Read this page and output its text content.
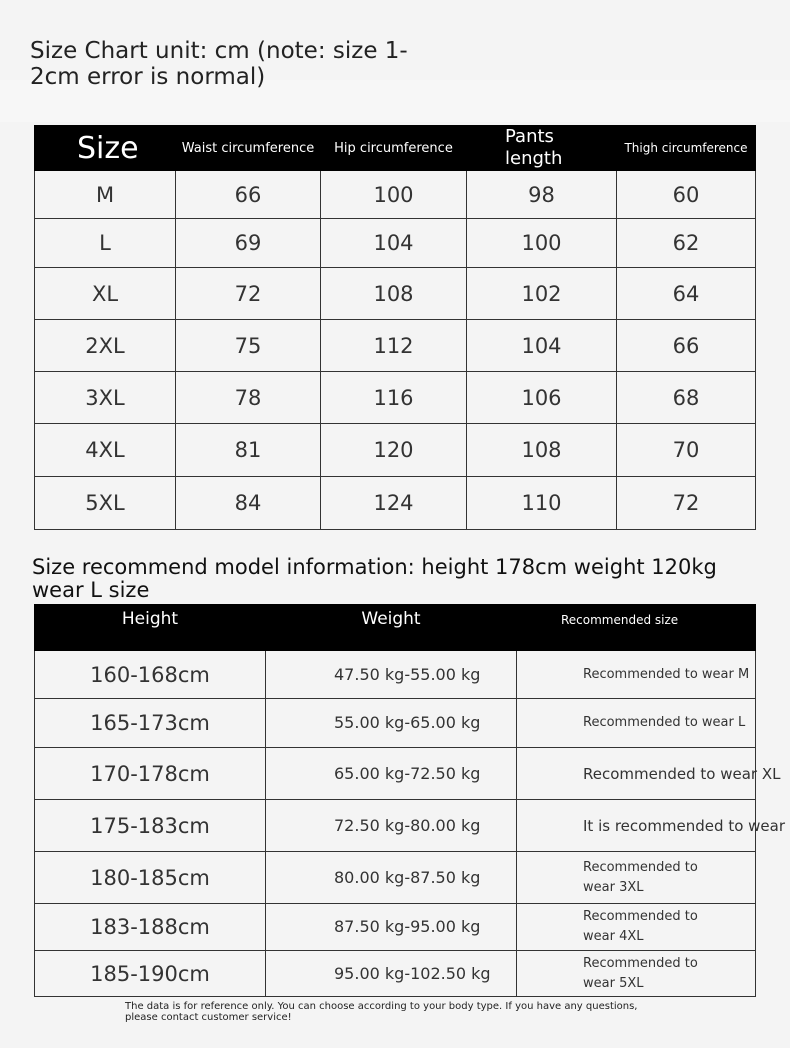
Size Chart unit: cm (note: size 1-2cm error is normal)
Size	Waist circumference	Hip circumference	Pants length	Thigh circumference
M	66	100	98	60
L	69	104	100	62
XL	72	108	102	64
2XL	75	112	104	66
3XL	78	116	106	68
4XL	81	120	108	70
5XL	84	124	110	72
Size recommend model information: height 178cm weight 120kg wear L size
Height	Weight	Recommended size
160-168cm	47.50 kg-55.00 kg	Recommended to wear M
165-173cm	55.00 kg-65.00 kg	Recommended to wear L
170-178cm	65.00 kg-72.50 kg	Recommended to wear XL
175-183cm	72.50 kg-80.00 kg	It is recommended to wear
180-185cm	80.00 kg-87.50 kg	Recommended to wear 3XL
183-188cm	87.50 kg-95.00 kg	Recommended to wear 4XL
185-190cm	95.00 kg-102.50 kg	Recommended to wear 5XL
The data is for reference only. You can choose according to your body type. If you have any questions, please contact customer service!
